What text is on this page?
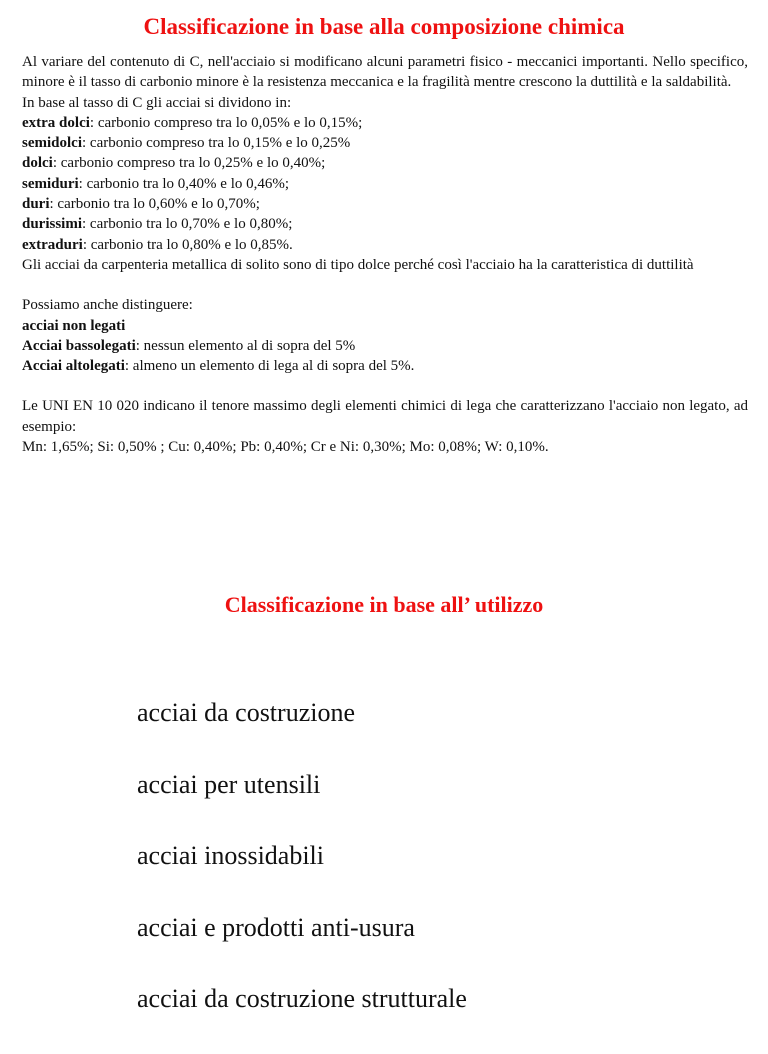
Classificazione in base alla composizione chimica

Al variare del contenuto di C, nell'acciaio si modificano alcuni parametri fisico - meccanici importanti. Nello specifico, minore è il tasso di carbonio minore è la resistenza meccanica e la fragilità mentre crescono la duttilità e la saldabilità.

In base al tasso di C gli acciai si dividono in:

extra dolci: carbonio compreso tra lo 0,05% e lo 0,15%;

semidolci: carbonio compreso tra lo 0,15% e lo 0,25%

dolci: carbonio compreso tra lo 0,25% e lo 0,40%;

semiduri: carbonio tra lo 0,40% e lo 0,46%;

duri: carbonio tra lo 0,60% e lo 0,70%;

durissimi: carbonio tra lo 0,70% e lo 0,80%;

extraduri: carbonio tra lo 0,80% e lo 0,85%.

Gli acciai da carpenteria metallica di solito sono di tipo dolce perché così l'acciaio ha la caratteristica di duttilità

Possiamo anche distinguere:

acciai non legati

Acciai bassolegati: nessun elemento al di sopra del 5%

Acciai altolegati: almeno un elemento di lega al di sopra del 5%.

Le UNI EN 10 020 indicano il tenore massimo degli elementi chimici di lega che caratterizzano l'acciaio non legato, ad esempio:

Mn: 1,65%; Si: 0,50% ; Cu: 0,40%; Pb: 0,40%; Cr e Ni: 0,30%; Mo: 0,08%; W: 0,10%.

Classificazione in base all’ utilizzo
acciai da costruzione
acciai per utensili
acciai inossidabili
acciai e prodotti anti-usura
acciai da costruzione strutturale
